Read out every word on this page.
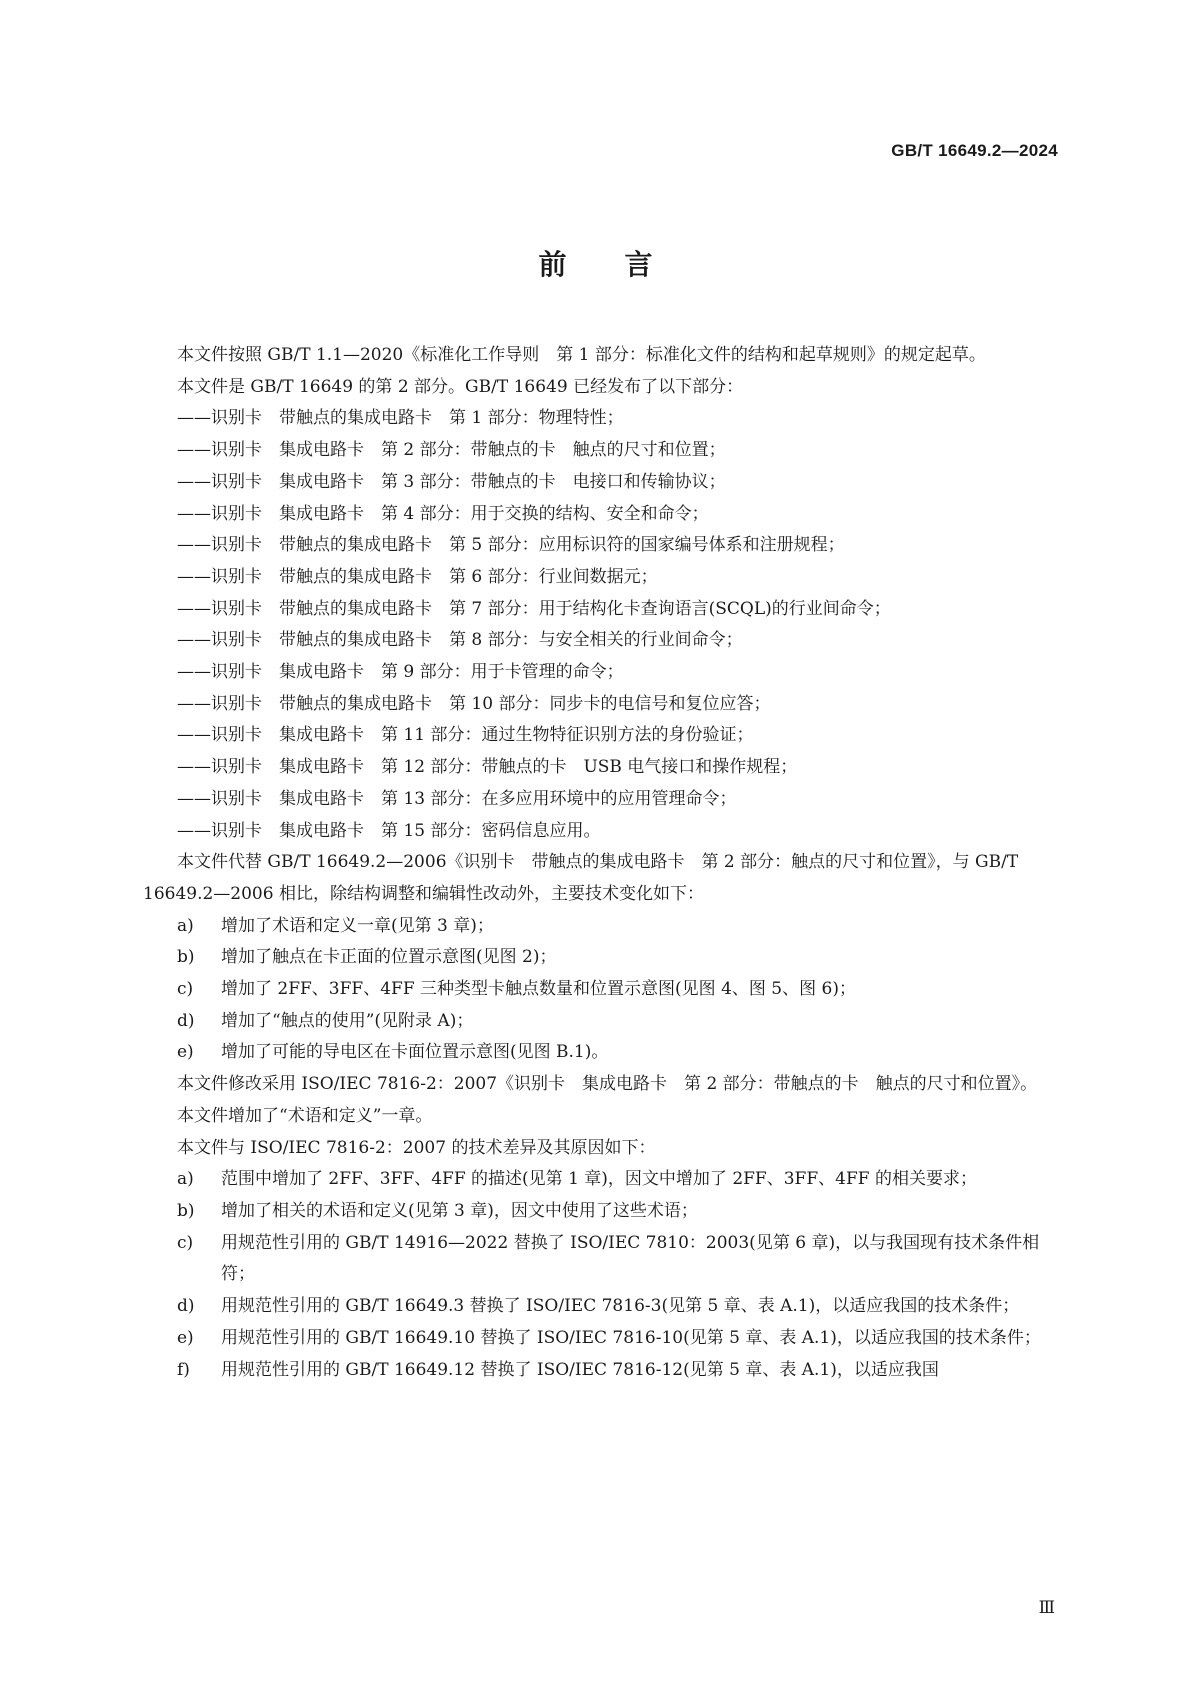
GB/T 16649.2—2024
前言

本文件按照 GB/T 1.1—2020《标准化工作导则　第 1 部分：标准化文件的结构和起草规则》的规定起草。

本文件是 GB/T 16649 的第 2 部分。GB/T 16649 已经发布了以下部分：

——识别卡　带触点的集成电路卡　第 1 部分：物理特性；

——识别卡　集成电路卡　第 2 部分：带触点的卡　触点的尺寸和位置；

——识别卡　集成电路卡　第 3 部分：带触点的卡　电接口和传输协议；

——识别卡　集成电路卡　第 4 部分：用于交换的结构、安全和命令；

——识别卡　带触点的集成电路卡　第 5 部分：应用标识符的国家编号体系和注册规程；

——识别卡　带触点的集成电路卡　第 6 部分：行业间数据元；

——识别卡　带触点的集成电路卡　第 7 部分：用于结构化卡查询语言(SCQL)的行业间命令；

——识别卡　带触点的集成电路卡　第 8 部分：与安全相关的行业间命令；

——识别卡　集成电路卡　第 9 部分：用于卡管理的命令；

——识别卡　带触点的集成电路卡　第 10 部分：同步卡的电信号和复位应答；

——识别卡　集成电路卡　第 11 部分：通过生物特征识别方法的身份验证；

——识别卡　集成电路卡　第 12 部分：带触点的卡　USB 电气接口和操作规程；

——识别卡　集成电路卡　第 13 部分：在多应用环境中的应用管理命令；

——识别卡　集成电路卡　第 15 部分：密码信息应用。

本文件代替 GB/T 16649.2—2006《识别卡　带触点的集成电路卡　第 2 部分：触点的尺寸和位置》，与 GB/T 16649.2—2006 相比，除结构调整和编辑性改动外，主要技术变化如下：

a)	增加了术语和定义一章(见第 3 章)；
b)	增加了触点在卡正面的位置示意图(见图 2)；
c)	增加了 2FF、3FF、4FF 三种类型卡触点数量和位置示意图(见图 4、图 5、图 6)；
d)	增加了“触点的使用”(见附录 A)；
e)	增加了可能的导电区在卡面位置示意图(见图 B.1)。

本文件修改采用 ISO/IEC 7816-2：2007《识别卡　集成电路卡　第 2 部分：带触点的卡　触点的尺寸和位置》。

本文件增加了“术语和定义”一章。

本文件与 ISO/IEC 7816-2：2007 的技术差异及其原因如下：

a)	范围中增加了 2FF、3FF、4FF 的描述(见第 1 章)，因文中增加了 2FF、3FF、4FF 的相关要求；
b)	增加了相关的术语和定义(见第 3 章)，因文中使用了这些术语；
c)	用规范性引用的 GB/T 14916—2022 替换了 ISO/IEC 7810：2003(见第 6 章)，以与我国现有技术条件相符；
d)	用规范性引用的 GB/T 16649.3 替换了 ISO/IEC 7816-3(见第 5 章、表 A.1)，以适应我国的技术条件；
e)	用规范性引用的 GB/T 16649.10 替换了 ISO/IEC 7816-10(见第 5 章、表 A.1)，以适应我国的技术条件；
f)	用规范性引用的 GB/T 16649.12 替换了 ISO/IEC 7816-12(见第 5 章、表 A.1)，以适应我国
Ⅲ
